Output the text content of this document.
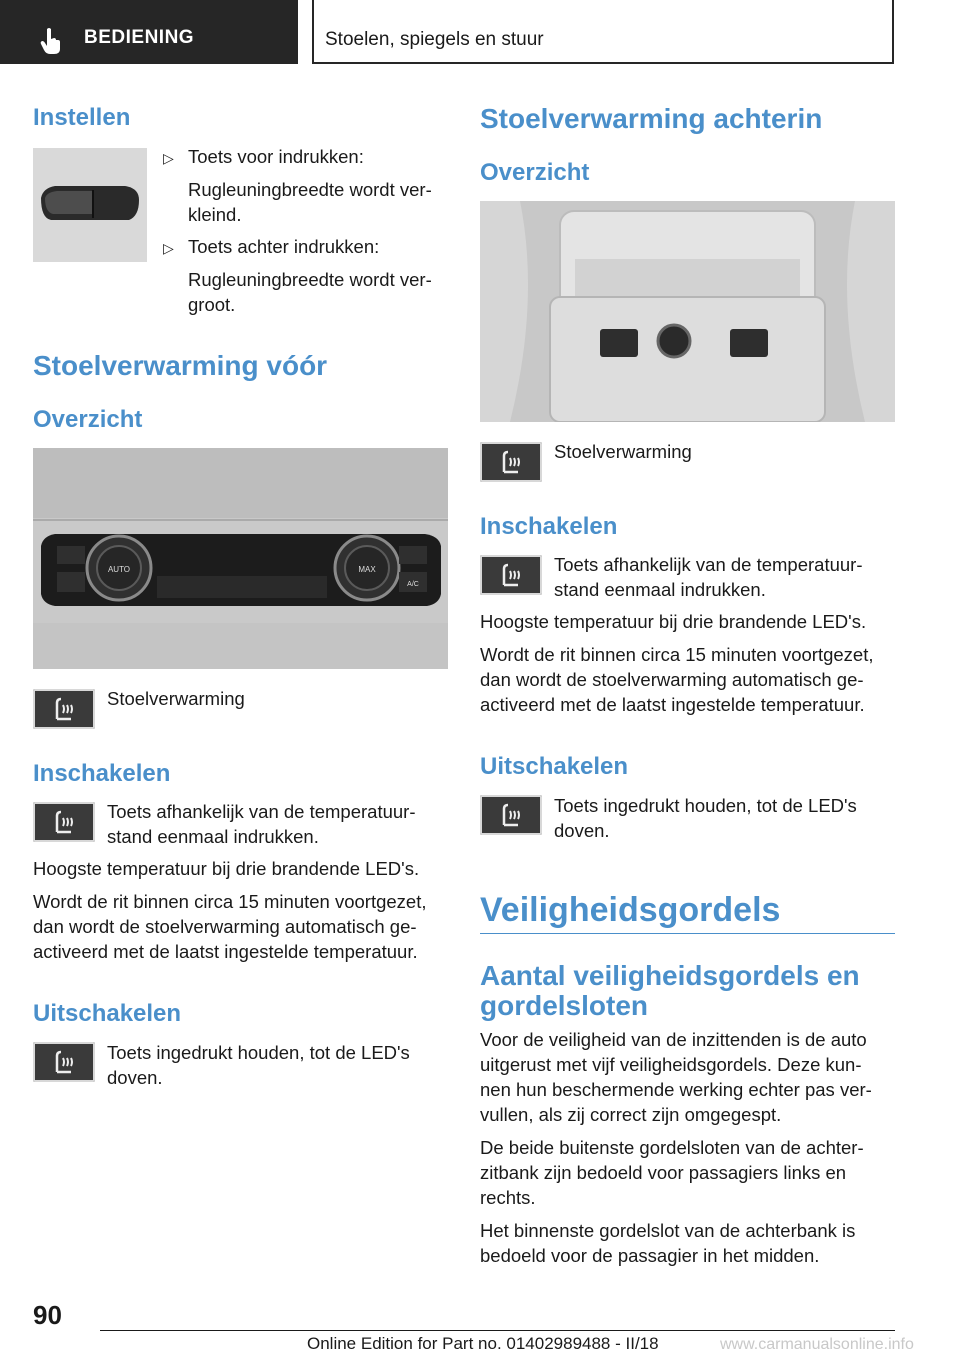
BEDIENING	Stoelen, spiegels en stuur
Instellen
▷ Toets voor indrukken:
Rugleuningbreedte wordt ver-
kleind.
▷ Toets achter indrukken:
Rugleuningbreedte wordt ver-
groot.
Stoelverwarming vóór
Overzicht
AUTO	MAX
A/C
Stoelverwarming
Inschakelen
Toets afhankelijk van de temperatuur-
stand eenmaal indrukken.
Hoogste temperatuur bij drie brandende LED's.
Wordt de rit binnen circa 15 minuten voortgezet,
dan wordt de stoelverwarming automatisch ge-
activeerd met de laatst ingestelde temperatuur.
Uitschakelen
Toets ingedrukt houden, tot de LED's
doven.
Stoelverwarming achterin
Overzicht
Stoelverwarming
Inschakelen
Toets afhankelijk van de temperatuur-
stand eenmaal indrukken.
Hoogste temperatuur bij drie brandende LED's.
Wordt de rit binnen circa 15 minuten voortgezet,
dan wordt de stoelverwarming automatisch ge-
activeerd met de laatst ingestelde temperatuur.
Uitschakelen
Toets ingedrukt houden, tot de LED's
doven.
Veiligheidsgordels
Aantal veiligheidsgordels en
gordelsloten
Voor de veiligheid van de inzittenden is de auto
uitgerust met vijf veiligheidsgordels. Deze kun-
nen hun beschermende werking echter pas ver-
vullen, als zij correct zijn omgegespt.
De beide buitenste gordelsloten van de achter-
zitbank zijn bedoeld voor passagiers links en
rechts.
Het binnenste gordelslot van de achterbank is
bedoeld voor de passagier in het midden.
90
Online Edition for Part no. 01402989488 - II/18	www.carmanualsonline.info
